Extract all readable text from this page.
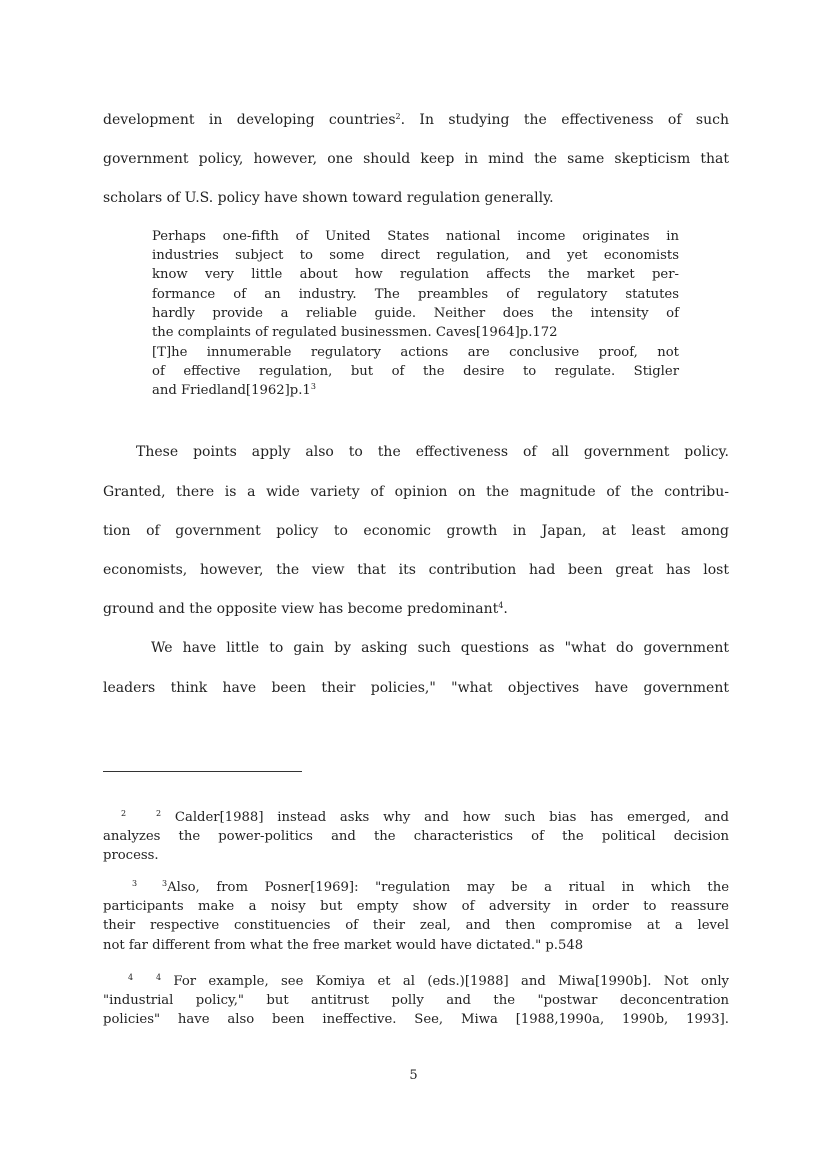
development in developing countries$^2$. In studying the effectiveness of such
government policy, however, one should keep in mind the same skepticism that
scholars of U.S. policy have shown toward regulation generally.
Perhaps one-fifth of United States national income originates in
industries subject to some direct regulation, and yet economists
know very little about how regulation affects the market per-
formance of an industry. The preambles of regulatory statutes
hardly provide a reliable guide. Neither does the intensity of
the complaints of regulated businessmen. Caves[1964]p.172
[T]he innumerable regulatory actions are conclusive proof, not
of effective regulation, but of the desire to regulate. Stigler
and $Friedland[1962]p.1^3$
These points apply also to the effectiveness of all government policy.
Granted, there is a wide variety of opinion on the magnitude of the contribu-
tion of government policy to economic growth in Japan, at least among
economists, however, the view that its contribution had been great has lost
ground and the opposite view has become predominant$^4$.
We have little to gain by asking such questions as "what do government
leaders think have been their policies," "what objectives have government
2	$^2$ Calder[1988] instead asks why and how such bias has emerged, and
analyzes the power-politics and the characteristics of the political decision
process.
3	$^3$Also, from Posner[1969]: "regulation may be a ritual in which the
participants make a noisy but empty show of adversity in order to reassure
their respective constituencies of their zeal, and then compromise at a level
not far different from what the free market would have dictated." p.548
4	$^4$ For example, see Komiya et al (eds.)[1988] and Miwa[1990b]. Not only
"industrial policy," but antitrust polly and the "postwar deconcentration
policies" have also been ineffective. See, Miwa [1988,1990a, 1990b, 1993].
5
